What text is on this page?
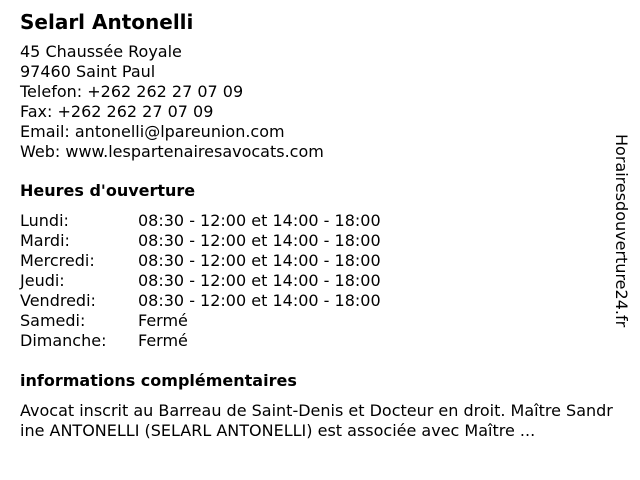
Selarl Antonelli
45 Chaussée Royale
97460 Saint Paul
Telefon: +262 262 27 07 09
Fax: +262 262 27 07 09
Email: antonelli@lpareunion.com
Web: www.lespartenairesavocats.com
Heures d'ouverture
Lundi:	08:30 - 12:00 et 14:00 - 18:00
Mardi:	08:30 - 12:00 et 14:00 - 18:00
Mercredi:	08:30 - 12:00 et 14:00 - 18:00
Jeudi:	08:30 - 12:00 et 14:00 - 18:00
Vendredi:	08:30 - 12:00 et 14:00 - 18:00
Samedi:	Fermé
Dimanche:	Fermé
informations complémentaires
Avocat inscrit au Barreau de Saint-Denis et Docteur en droit. Maître Sandrine ANTONELLI (SELARL ANTONELLI) est associée avec Maître ...
Horairesdouverture24.fr
